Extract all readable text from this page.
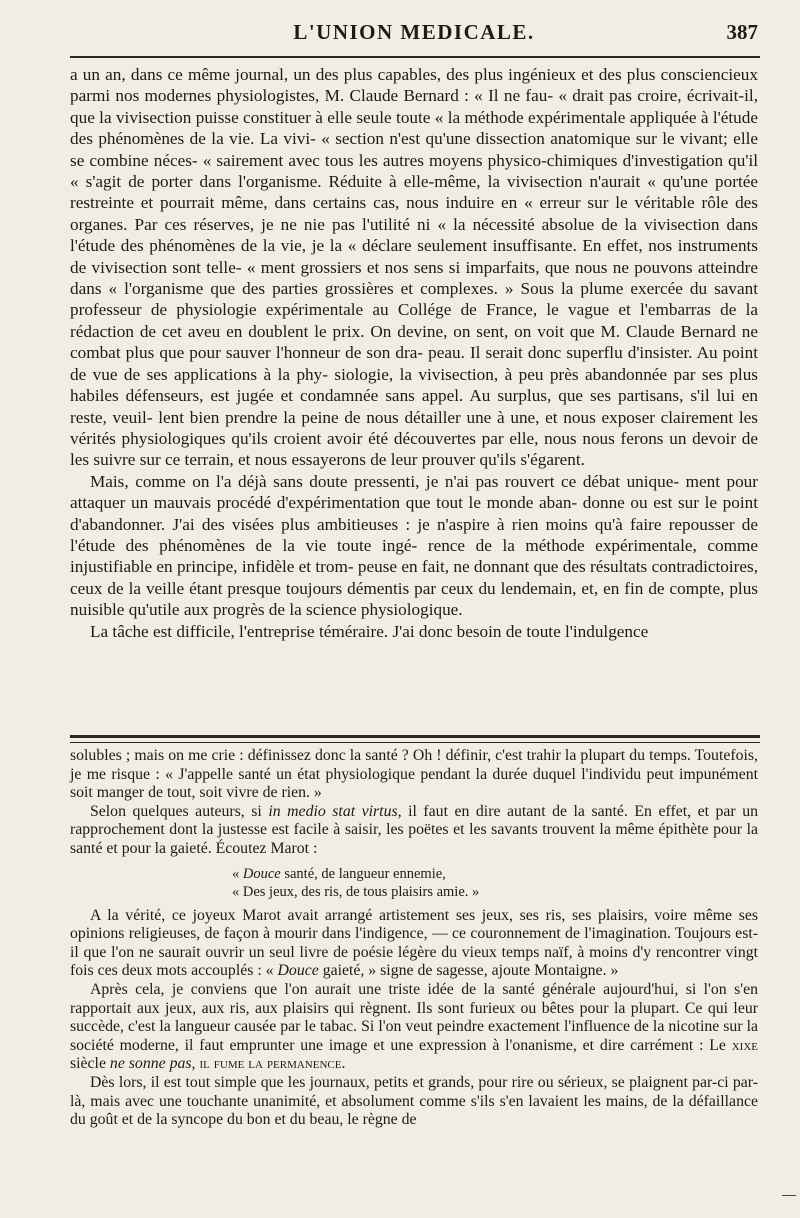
L'UNION MEDICALE.	387

a un an, dans ce même journal, un des plus capables, des plus ingénieux et des plus consciencieux parmi nos modernes physiologistes, M. Claude Bernard : « Il ne fau- « drait pas croire, écrivait-il, que la vivisection puisse constituer à elle seule toute « la méthode expérimentale appliquée à l'étude des phénomènes de la vie. La vivi- « section n'est qu'une dissection anatomique sur le vivant; elle se combine néces- « sairement avec tous les autres moyens physico-chimiques d'investigation qu'il « s'agit de porter dans l'organisme. Réduite à elle-même, la vivisection n'aurait « qu'une portée restreinte et pourrait même, dans certains cas, nous induire en « erreur sur le véritable rôle des organes. Par ces réserves, je ne nie pas l'utilité ni « la nécessité absolue de la vivisection dans l'étude des phénomènes de la vie, je la « déclare seulement insuffisante. En effet, nos instruments de vivisection sont telle- « ment grossiers et nos sens si imparfaits, que nous ne pouvons atteindre dans « l'organisme que des parties grossières et complexes. » Sous la plume exercée du savant professeur de physiologie expérimentale au Collége de France, le vague et l'embarras de la rédaction de cet aveu en doublent le prix. On devine, on sent, on voit que M. Claude Bernard ne combat plus que pour sauver l'honneur de son dra- peau. Il serait donc superflu d'insister. Au point de vue de ses applications à la phy- siologie, la vivisection, à peu près abandonnée par ses plus habiles défenseurs, est jugée et condamnée sans appel. Au surplus, que ses partisans, s'il lui en reste, veuil- lent bien prendre la peine de nous détailler une à une, et nous exposer clairement les vérités physiologiques qu'ils croient avoir été découvertes par elle, nous nous ferons un devoir de les suivre sur ce terrain, et nous essayerons de leur prouver qu'ils s'égarent.

Mais, comme on l'a déjà sans doute pressenti, je n'ai pas rouvert ce débat unique- ment pour attaquer un mauvais procédé d'expérimentation que tout le monde aban- donne ou est sur le point d'abandonner. J'ai des visées plus ambitieuses : je n'aspire à rien moins qu'à faire repousser de l'étude des phénomènes de la vie toute ingé- rence de la méthode expérimentale, comme injustifiable en principe, infidèle et trom- peuse en fait, ne donnant que des résultats contradictoires, ceux de la veille étant presque toujours démentis par ceux du lendemain, et, en fin de compte, plus nuisible qu'utile aux progrès de la science physiologique.

La tâche est difficile, l'entreprise téméraire. J'ai donc besoin de toute l'indulgence

solubles ; mais on me crie : définissez donc la santé ? Oh ! définir, c'est trahir la plupart du temps. Toutefois, je me risque : « J'appelle santé un état physiologique pendant la durée duquel l'individu peut impunément soit manger de tout, soit vivre de rien. »

Selon quelques auteurs, si in medio stat virtus, il faut en dire autant de la santé. En effet, et par un rapprochement dont la justesse est facile à saisir, les poëtes et les savants trouvent la même épithète pour la santé et pour la gaieté. Écoutez Marot :

« Douce santé, de langueur ennemie,
« Des jeux, des ris, de tous plaisirs amie. »

A la vérité, ce joyeux Marot avait arrangé artistement ses jeux, ses ris, ses plaisirs, voire même ses opinions religieuses, de façon à mourir dans l'indigence, — ce couronnement de l'imagination. Toujours est-il que l'on ne saurait ouvrir un seul livre de poésie légère du vieux temps naïf, à moins d'y rencontrer vingt fois ces deux mots accouplés : « Douce gaieté, » signe de sagesse, ajoute Montaigne. »

Après cela, je conviens que l'on aurait une triste idée de la santé générale aujourd'hui, si l'on s'en rapportait aux jeux, aux ris, aux plaisirs qui règnent. Ils sont furieux ou bêtes pour la plupart. Ce qui leur succède, c'est la langueur causée par le tabac. Si l'on veut peindre exactement l'influence de la nicotine sur la société moderne, il faut emprunter une image et une expression à l'onanisme, et dire carrément : Le xixe siècle ne sonne pas, il fume la permanence.

Dès lors, il est tout simple que les journaux, petits et grands, pour rire ou sérieux, se plaignent par-ci par-là, mais avec une touchante unanimité, et absolument comme s'ils s'en lavaient les mains, de la défaillance du goût et de la syncope du bon et du beau, le règne de
